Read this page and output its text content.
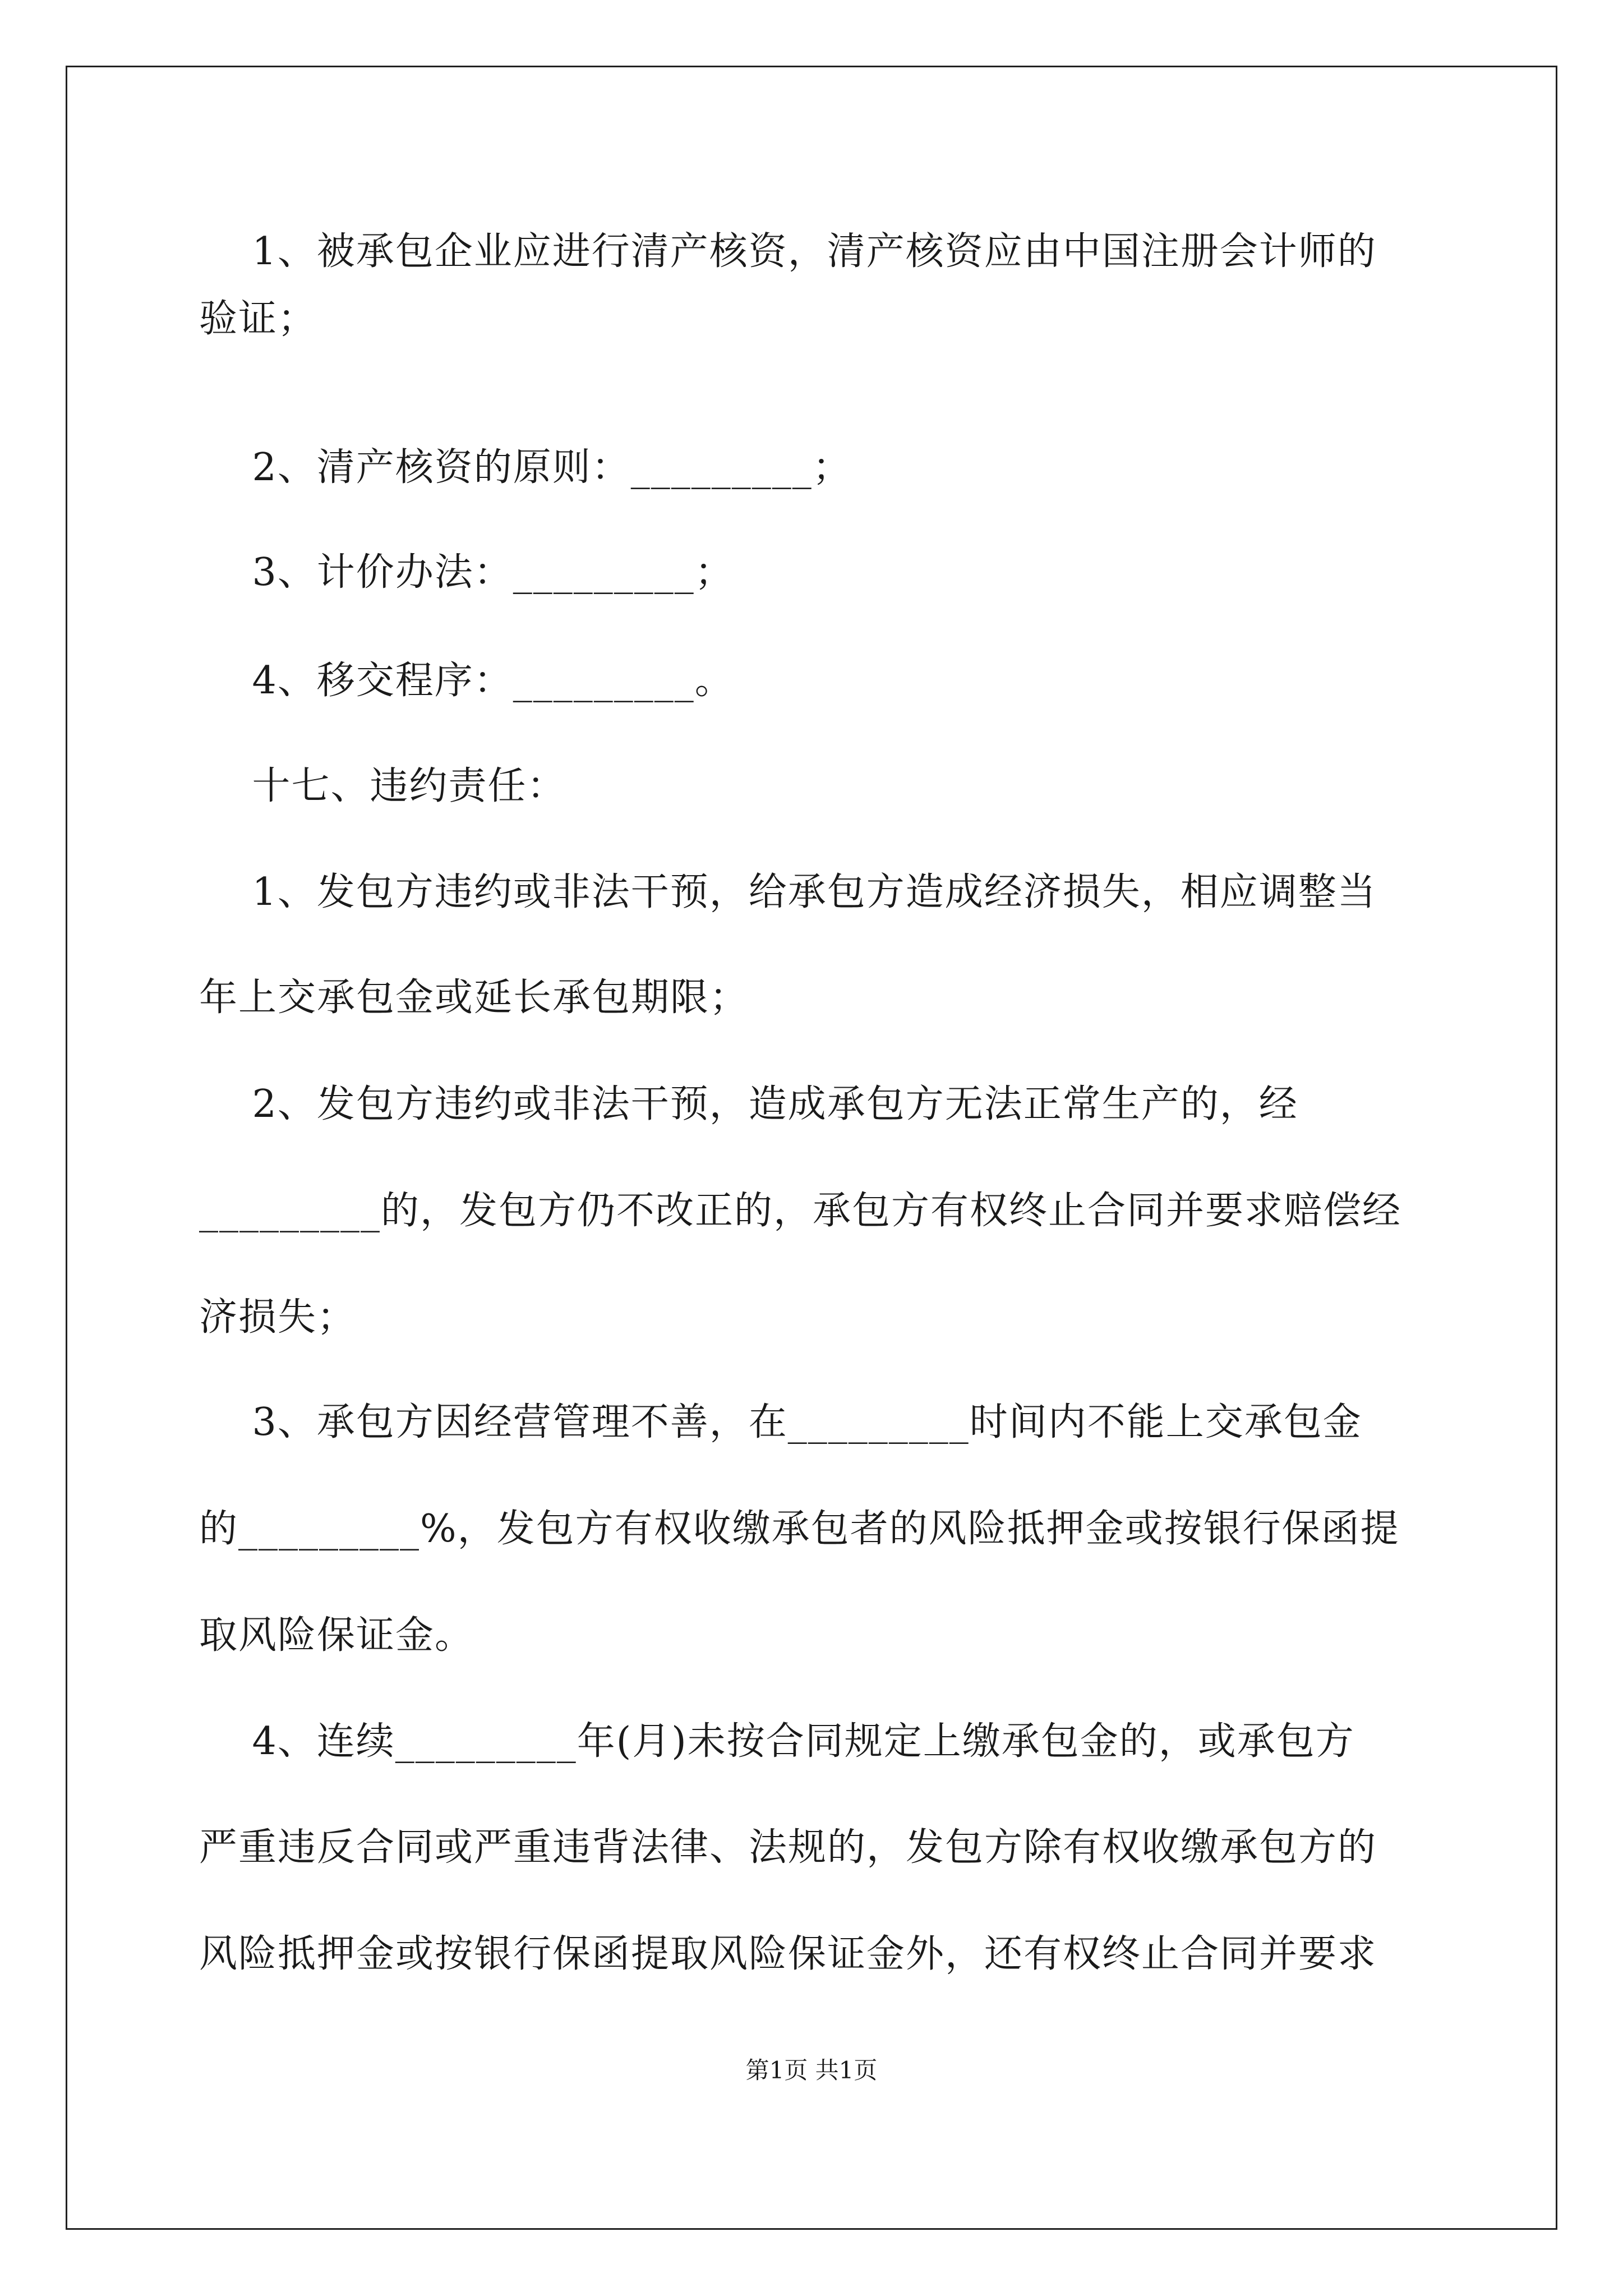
1、被承包企业应进行清产核资，清产核资应由中国注册会计师的
验证；
2、清产核资的原则：_________；
3、计价办法：_________；
4、移交程序：_________。
十七、违约责任：
1、发包方违约或非法干预，给承包方造成经济损失，相应调整当
年上交承包金或延长承包期限；
2、发包方违约或非法干预，造成承包方无法正常生产的，经
_________的，发包方仍不改正的，承包方有权终止合同并要求赔偿经
济损失；
3、承包方因经营管理不善，在_________时间内不能上交承包金
的_________%，发包方有权收缴承包者的风险抵押金或按银行保函提
取风险保证金。
4、连续_________年(月)未按合同规定上缴承包金的，或承包方
严重违反合同或严重违背法律、法规的，发包方除有权收缴承包方的
风险抵押金或按银行保函提取风险保证金外，还有权终止合同并要求
第1页 共1页
